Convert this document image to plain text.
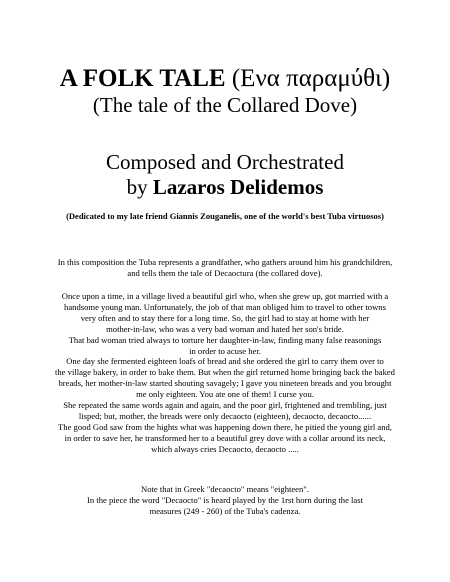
A FOLK TALE (Ενα παραμύθι)
(The tale of the Collared Dove)
Composed and Orchestrated
by Lazaros Delidemos
(Dedicated to my late friend Giannis Zouganelis, one of the world's best Tuba virtuosos)
In this composition the Tuba represents a grandfather, who gathers around him his grandchildren,
and tells them the tale of Decaoctura (the collared dove).
Once upon a time, in a village lived a beautiful girl who, when she grew up, got married with a
handsome young man. Unfortunately, the job of that man obliged him to travel to other towns
very often and to stay there for a long time. So, the girl had to stay at home with her
mother-in-law, who was a very bad woman and hated her son's bride.
That bad woman tried always to torture her daughter-in-law, finding many false reasonings
in order to acuse her.
One day she fermented eighteen loafs of bread and she ordered the girl to carry them over to
the village bakery, in order to bake them. But when the girl returned home bringing back the baked
breads, her mother-in-law started shouting savagely; I gave you nineteen breads and you brought
me only eighteen. You ate one of them! I curse you.
She repeated the same words again and again, and the poor girl, frightened and trembling, just
lisped; but, mother, the breads were only decaocto (eighteen), decaocto, decaocto......
The good God saw from the hights what was happening down there, he pitied the young girl and,
in order to save her, he transformed her to a beautiful grey dove with a collar around its neck,
which always cries Decaocto, decaocto .....
Note that in Greek "decaocto" means "eighteen".
In the piece the word "Decaocto" is heard played by the 1rst horn during the last
measures (249 - 260) of the Tuba's cadenza.
